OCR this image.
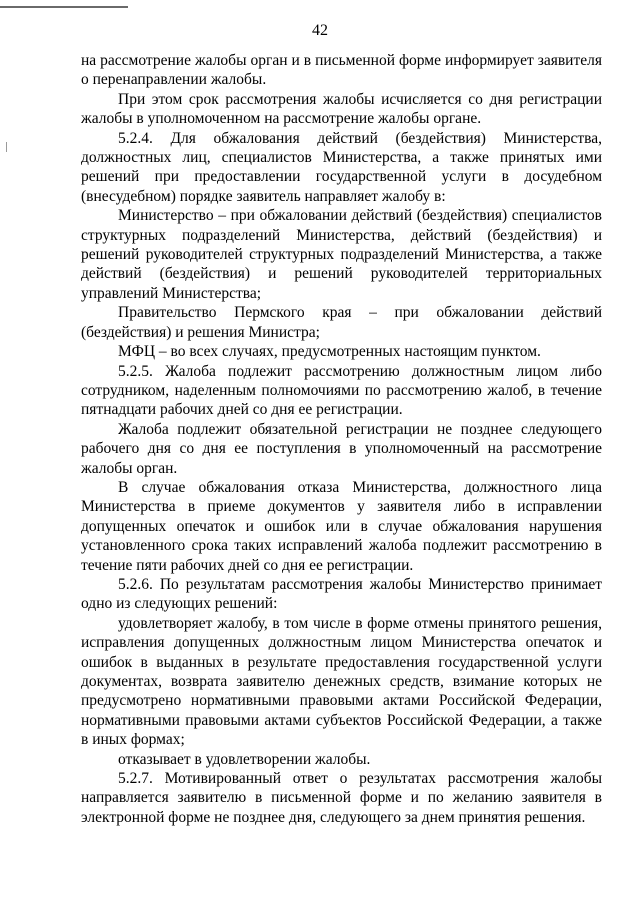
42

на рассмотрение жалобы орган и в письменной форме информирует заявителя о перенаправлении жалобы.

При этом срок рассмотрения жалобы исчисляется со дня регистрации жалобы в уполномоченном на рассмотрение жалобы органе.

5.2.4. Для обжалования действий (бездействия) Министерства, должностных лиц, специалистов Министерства, а также принятых ими решений при предоставлении государственной услуги в досудебном (внесудебном) порядке заявитель направляет жалобу в:

Министерство – при обжаловании действий (бездействия) специалистов структурных подразделений Министерства, действий (бездействия) и решений руководителей структурных подразделений Министерства, а также действий (бездействия) и решений руководителей территориальных управлений Министерства;

Правительство Пермского края – при обжаловании действий (бездействия) и решения Министра;

МФЦ – во всех случаях, предусмотренных настоящим пунктом.

5.2.5. Жалоба подлежит рассмотрению должностным лицом либо сотрудником, наделенным полномочиями по рассмотрению жалоб, в течение пятнадцати рабочих дней со дня ее регистрации.

Жалоба подлежит обязательной регистрации не позднее следующего рабочего дня со дня ее поступления в уполномоченный на рассмотрение жалобы орган.

В случае обжалования отказа Министерства, должностного лица Министерства в приеме документов у заявителя либо в исправлении допущенных опечаток и ошибок или в случае обжалования нарушения установленного срока таких исправлений жалоба подлежит рассмотрению в течение пяти рабочих дней со дня ее регистрации.

5.2.6. По результатам рассмотрения жалобы Министерство принимает одно из следующих решений:

удовлетворяет жалобу, в том числе в форме отмены принятого решения, исправления допущенных должностным лицом Министерства опечаток и ошибок в выданных в результате предоставления государственной услуги документах, возврата заявителю денежных средств, взимание которых не предусмотрено нормативными правовыми актами Российской Федерации, нормативными правовыми актами субъектов Российской Федерации, а также в иных формах;

отказывает в удовлетворении жалобы.

5.2.7. Мотивированный ответ о результатах рассмотрения жалобы направляется заявителю в письменной форме и по желанию заявителя в электронной форме не позднее дня, следующего за днем принятия решения.
